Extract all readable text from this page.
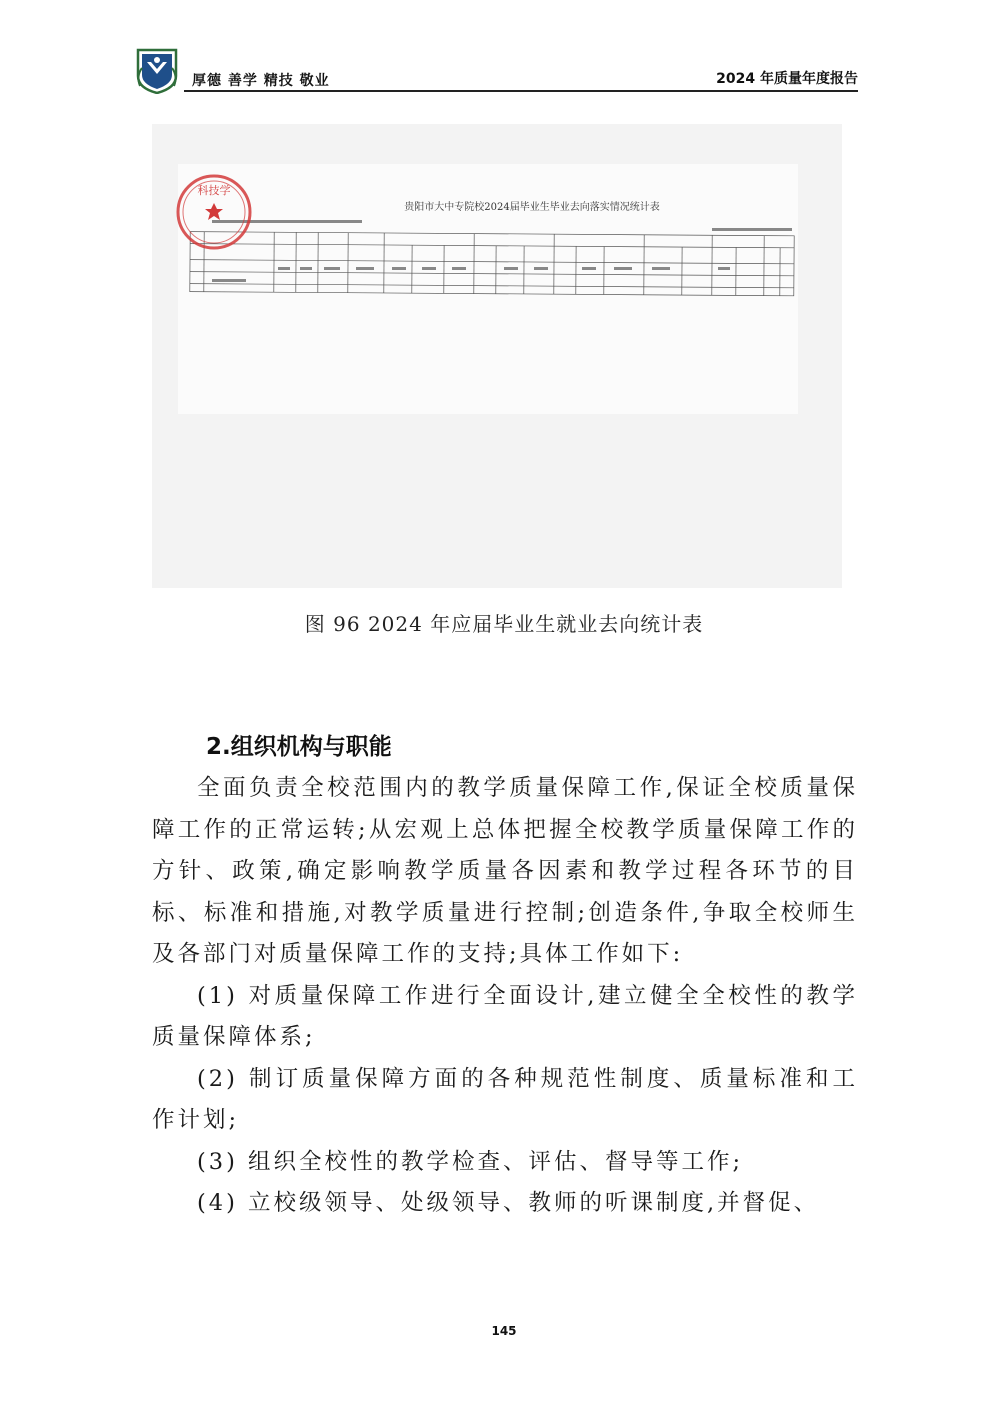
厚德 善学 精技 敬业	2024 年质量年度报告
贵阳市大中专院校2024届毕业生毕业去向落实情况统计表
科技学
图 96 2024 年应届毕业生就业去向统计表
2.组织机构与职能

全面负责全校范围内的教学质量保障工作,保证全校质量保障工作的正常运转;从宏观上总体把握全校教学质量保障工作的方针、政策,确定影响教学质量各因素和教学过程各环节的目标、标准和措施,对教学质量进行控制;创造条件,争取全校师生及各部门对质量保障工作的支持;具体工作如下:

(1) 对质量保障工作进行全面设计,建立健全全校性的教学质量保障体系;

(2) 制订质量保障方面的各种规范性制度、质量标准和工作计划;

(3) 组织全校性的教学检查、评估、督导等工作;

(4) 立校级领导、处级领导、教师的听课制度,并督促、

145
